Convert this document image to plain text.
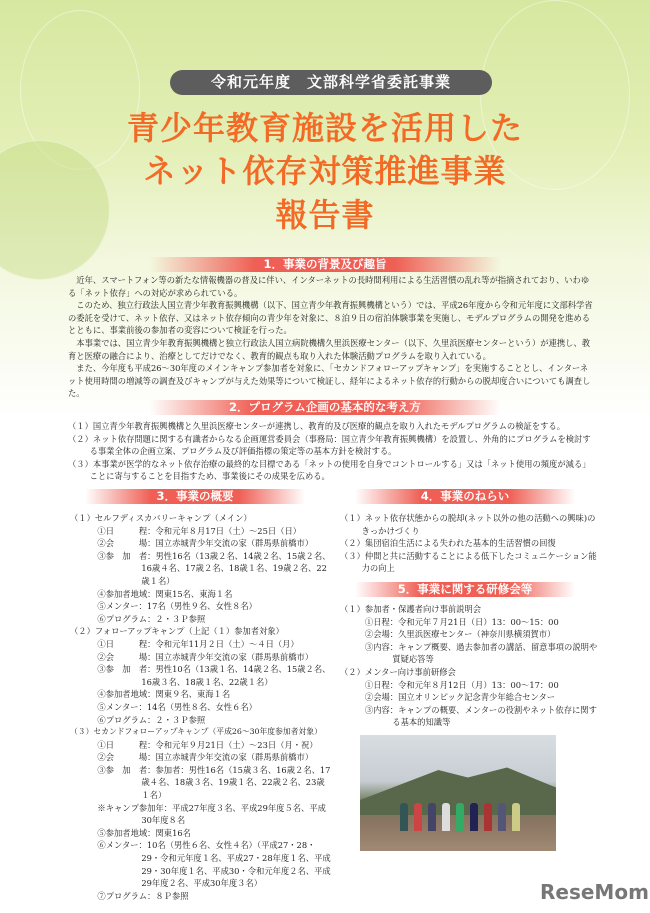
令和元年度　文部科学省委託事業
青少年教育施設を活用した
ネット依存対策推進事業
報告書
1．事業の背景及び趣旨

近年、スマートフォン等の新たな情報機器の普及に伴い、インターネットの長時間利用による生活習慣の乱れ等が指摘されており、いわゆる「ネット依存」への対応が求められている。

このため、独立行政法人国立青少年教育振興機構（以下、国立青少年教育振興機構という）では、平成26年度から令和元年度に文部科学省の委託を受けて、ネット依存、又はネット依存傾向の青少年を対象に、８泊９日の宿泊体験事業を実施し、モデルプログラムの開発を進めるとともに、事業前後の参加者の変容について検証を行った。

本事業では、国立青少年教育振興機構と独立行政法人国立病院機構久里浜医療センター（以下、久里浜医療センターという）が連携し、教育と医療の融合により、治療としてだけでなく、教育的観点も取り入れた体験活動プログラムを取り入れている。

また、今年度も平成26～30年度のメインキャンプ参加者を対象に、「セカンドフォローアップキャンプ」を実施することとし、インターネット使用時間の増減等の調査及びキャンプが与えた効果等について検証し、経年によるネット依存的行動からの脱却度合いについても調査した。

2．プログラム企画の基本的な考え方

（１）国立青少年教育振興機構と久里浜医療センターが連携し、教育的及び医療的観点を取り入れたモデルプログラムの検証をする。

（２）ネット依存問題に関する有識者からなる企画運営委員会（事務局：国立青少年教育振興機構）を設置し、外角的にプログラムを検討する事業全体の企画立案、プログラム及び評価指標の策定等の基本方針を検討する。

（３）本事業が医学的なネット依存治療の最終的な目標である「ネットの使用を自身でコントロールする」又は「ネット使用の頻度が減る」ことに寄与することを目指すため、事業後にその成果を広める。

3．事業の概要

（１）セルフディスカバリーキャンプ（メイン）

①日　　　程：令和元年８月17日（土）～25日（日）

②会　　　場：国立赤城青少年交流の家（群馬県前橋市）

③参　加　者：男性16名（13歳２名、14歳２名、15歳２名、16歳４名、17歳２名、18歳１名、19歳２名、22歳１名）

④参加者地域：関東15名、東海１名

⑤メンター：17名（男性９名、女性８名）

⑥プログラム：２・３Ｐ参照

（２）フォローアップキャンプ（上記（１）参加者対象）

①日　　　程：令和元年11月２日（土）～４日（月）

②会　　　場：国立赤城青少年交流の家（群馬県前橋市）

③参　加　者：男性10名（13歳１名、14歳２名、15歳２名、16歳３名、18歳１名、22歳１名）

④参加者地域：関東９名、東海１名

⑤メンター：14名（男性８名、女性６名）

⑥プログラム：２・３Ｐ参照

（３）セカンドフォローアップキャンプ（平成26～30年度参加者対象）

①日　　　程：令和元年９月21日（土）～23日（月・祝）

②会　　　場：国立赤城青少年交流の家（群馬県前橋市）

③参　加　者：参加者：男性16名（15歳３名、16歳２名、17歳４名、18歳３名、19歳１名、22歳２名、23歳１名）

※キャンプ参加年：平成27年度３名、平成29年度５名、平成30年度８名

⑤参加者地域：関東16名

⑥メンター：10名（男性６名、女性４名）（平成27・28・29・令和元年度１名、平成27・28年度１名、平成29・30年度１名、平成30・令和元年度２名、平成29年度２名、平成30年度３名）

⑦プログラム：８Ｐ参照

4．事業のねらい

（１）ネット依存状態からの脱却(ネット以外の他の活動への興味)のきっかけづくり

（２）集団宿泊生活による失われた基本的生活習慣の回復

（３）仲間と共に活動することによる低下したコミュニケーション能力の向上

5．事業に関する研修会等

（１）参加者・保護者向け事前説明会

①日程：令和元年７月21日（日）13：00～15：00

②会場：久里浜医療センター（神奈川県横須賀市）

③内容：キャンプ概要、過去参加者の講話、留意事項の説明や質疑応答等

（２）メンター向け事前研修会

①日程：令和元年８月12日（月）13：00～17：00

②会場：国立オリンピック記念青少年総合センター

③内容：キャンプの概要、メンターの役割やネット依存に関する基本的知識等

ReseMom
